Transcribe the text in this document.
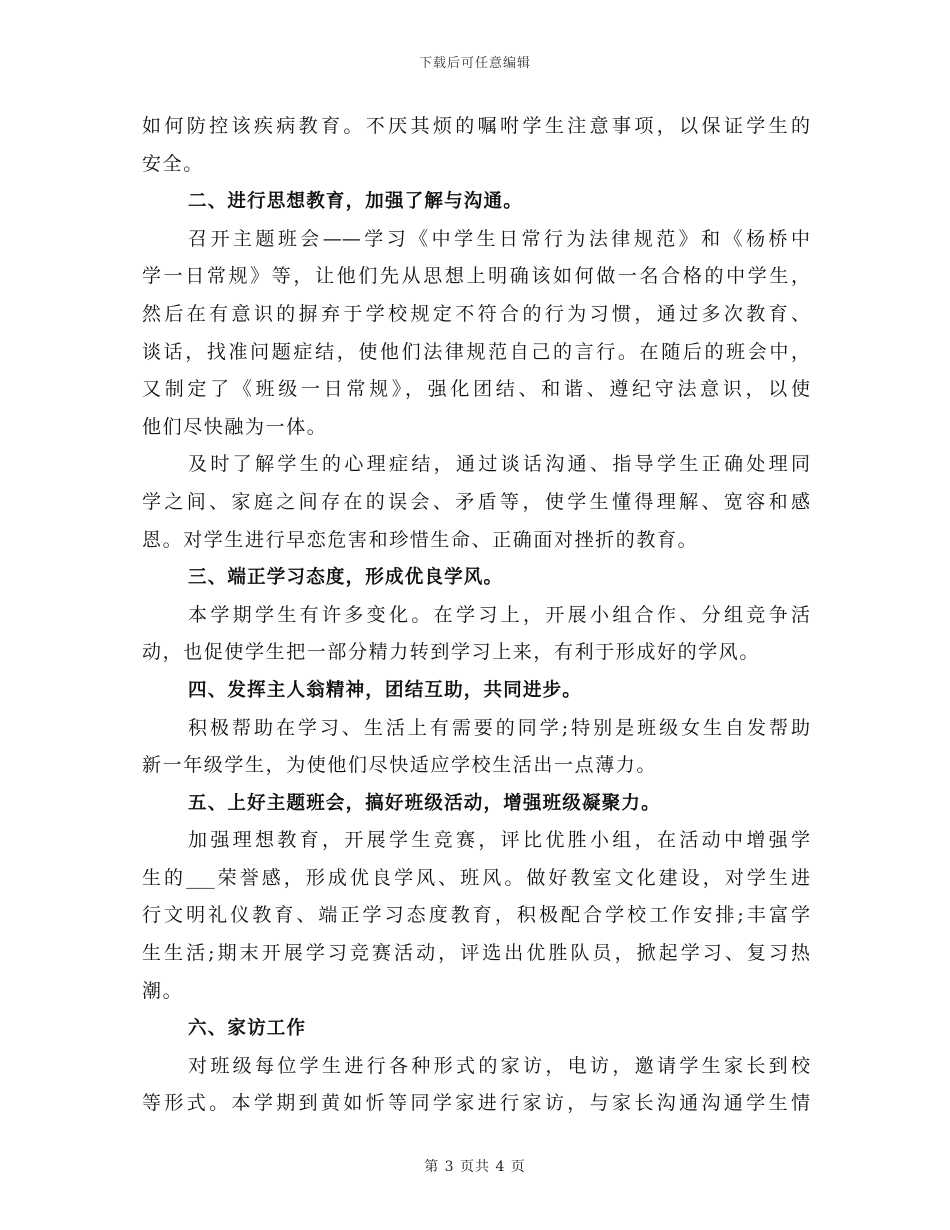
下载后可任意编辑
如何防控该疾病教育。不厌其烦的嘱咐学生注意事项，以保证学生的
安全。
二、进行思想教育，加强了解与沟通。
召开主题班会——学习《中学生日常行为法律规范》和《杨桥中
学一日常规》等，让他们先从思想上明确该如何做一名合格的中学生，
然后在有意识的摒弃于学校规定不符合的行为习惯，通过多次教育、
谈话，找准问题症结，使他们法律规范自己的言行。在随后的班会中，
又制定了《班级一日常规》，强化团结、和谐、遵纪守法意识，以使
他们尽快融为一体。
及时了解学生的心理症结，通过谈话沟通、指导学生正确处理同
学之间、家庭之间存在的误会、矛盾等，使学生懂得理解、宽容和感
恩。对学生进行早恋危害和珍惜生命、正确面对挫折的教育。
三、端正学习态度，形成优良学风。
本学期学生有许多变化。在学习上，开展小组合作、分组竞争活
动，也促使学生把一部分精力转到学习上来，有利于形成好的学风。
四、发挥主人翁精神，团结互助，共同进步。
积极帮助在学习、生活上有需要的同学;特别是班级女生自发帮助
新一年级学生，为使他们尽快适应学校生活出一点薄力。
五、上好主题班会，搞好班级活动，增强班级凝聚力。
加强理想教育，开展学生竞赛，评比优胜小组，在活动中增强学
生的___荣誉感，形成优良学风、班风。做好教室文化建设，对学生进
行文明礼仪教育、端正学习态度教育，积极配合学校工作安排;丰富学
生生活;期末开展学习竞赛活动，评选出优胜队员，掀起学习、复习热
潮。
六、家访工作
对班级每位学生进行各种形式的家访，电访，邀请学生家长到校
等形式。本学期到黄如忻等同学家进行家访，与家长沟通沟通学生情
第 3 页共 4 页
